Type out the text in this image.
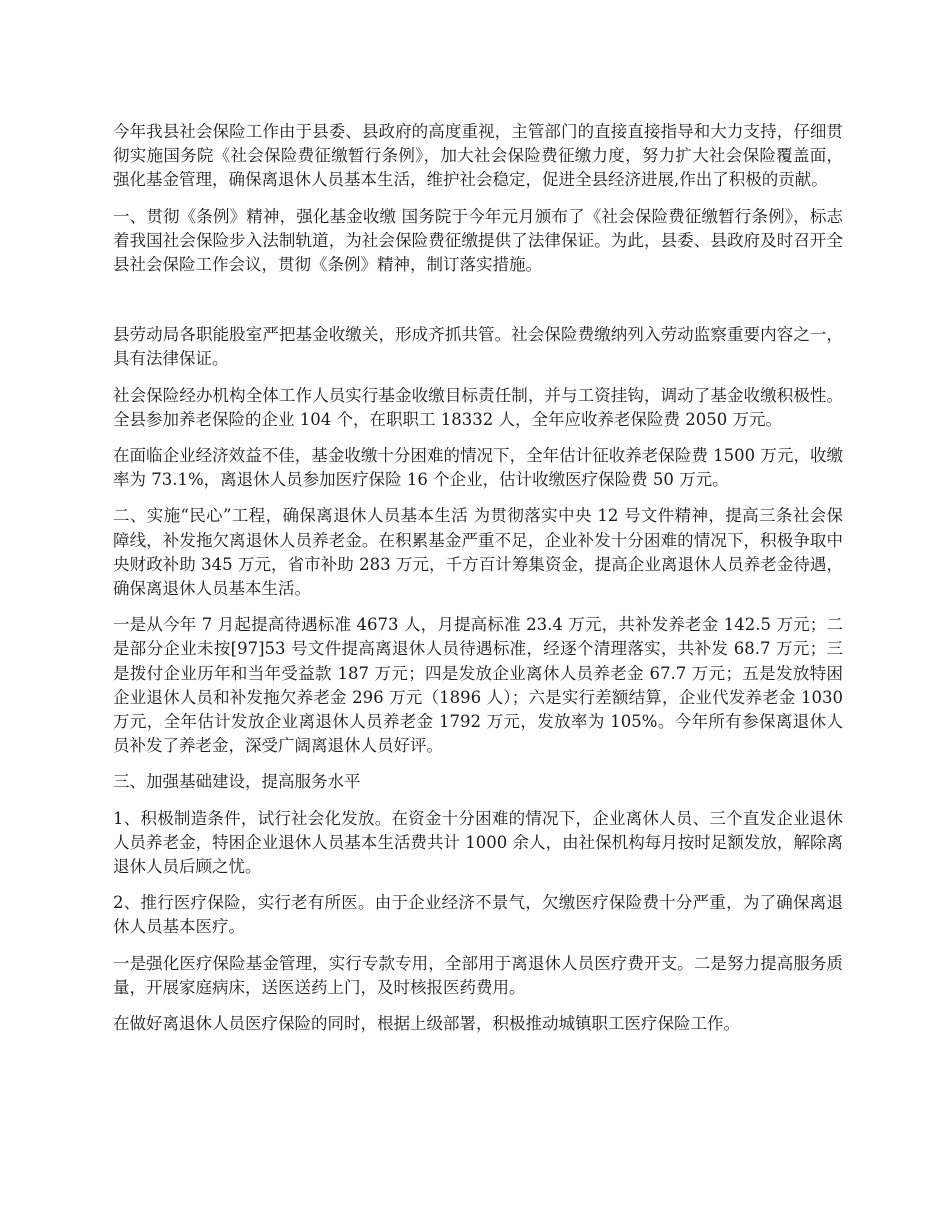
今年我县社会保险工作由于县委、县政府的高度重视，主管部门的直接直接指导和大力支持，仔细贯彻实施国务院《社会保险费征缴暂行条例》，加大社会保险费征缴力度，努力扩大社会保险覆盖面，强化基金管理，确保离退休人员基本生活，维护社会稳定，促进全县经济进展,作出了积极的贡献。

一、贯彻《条例》精神，强化基金收缴 国务院于今年元月颁布了《社会保险费征缴暂行条例》，标志着我国社会保险步入法制轨道，为社会保险费征缴提供了法律保证。为此，县委、县政府及时召开全县社会保险工作会议，贯彻《条例》精神，制订落实措施。

县劳动局各职能股室严把基金收缴关，形成齐抓共管。社会保险费缴纳列入劳动监察重要内容之一，具有法律保证。

社会保险经办机构全体工作人员实行基金收缴目标责任制，并与工资挂钩，调动了基金收缴积极性。全县参加养老保险的企业 104 个，在职职工 18332 人，全年应收养老保险费 2050 万元。

在面临企业经济效益不佳，基金收缴十分困难的情况下，全年估计征收养老保险费 1500 万元，收缴率为 73.1%，离退休人员参加医疗保险 16 个企业，估计收缴医疗保险费 50 万元。

二、实施“民心”工程，确保离退休人员基本生活 为贯彻落实中央 12 号文件精神，提高三条社会保障线，补发拖欠离退休人员养老金。在积累基金严重不足，企业补发十分困难的情况下，积极争取中央财政补助 345 万元，省市补助 283 万元，千方百计筹集资金，提高企业离退休人员养老金待遇，确保离退休人员基本生活。

一是从今年 7 月起提高待遇标准 4673 人，月提高标准 23.4 万元，共补发养老金 142.5 万元；二是部分企业未按[97]53 号文件提高离退休人员待遇标准，经逐个清理落实，共补发 68.7 万元；三是拨付企业历年和当年受益款 187 万元；四是发放企业离休人员养老金 67.7 万元；五是发放特困企业退休人员和补发拖欠养老金 296 万元（1896 人）；六是实行差额结算，企业代发养老金 1030 万元，全年估计发放企业离退休人员养老金 1792 万元，发放率为 105%。今年所有参保离退休人员补发了养老金，深受广阔离退休人员好评。

三、加强基础建设，提高服务水平

1、积极制造条件，试行社会化发放。在资金十分困难的情况下，企业离休人员、三个直发企业退休人员养老金，特困企业退休人员基本生活费共计 1000 余人，由社保机构每月按时足额发放，解除离退休人员后顾之忧。

2、推行医疗保险，实行老有所医。由于企业经济不景气，欠缴医疗保险费十分严重，为了确保离退休人员基本医疗。

一是强化医疗保险基金管理，实行专款专用，全部用于离退休人员医疗费开支。二是努力提高服务质量，开展家庭病床，送医送药上门，及时核报医药费用。

在做好离退休人员医疗保险的同时，根据上级部署，积极推动城镇职工医疗保险工作。
